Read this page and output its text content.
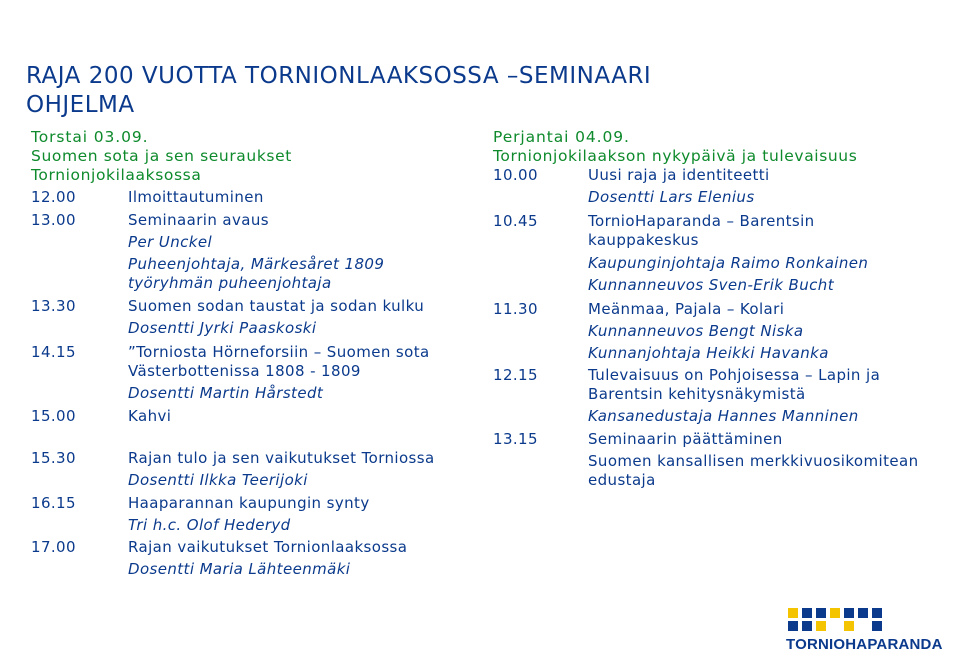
RAJA 200 VUOTTA TORNIONLAAKSOSSA –SEMINAARI
OHJELMA
Torstai 03.09.
Suomen sota ja sen seuraukset
Tornionjokilaaksossa
12.00	Ilmoittautuminen
13.00	Seminaarin avaus
Per Unckel
Puheenjohtaja, Märkesåret 1809
työryhmän puheenjohtaja
13.30	Suomen sodan taustat ja sodan kulku
Dosentti Jyrki Paaskoski
14.15	”Torniosta Hörneforsiin – Suomen sota
Västerbottenissa 1808 - 1809
Dosentti Martin Hårstedt
15.00	Kahvi
15.30	Rajan tulo ja sen vaikutukset Torniossa
Dosentti Ilkka Teerijoki
16.15	Haaparannan kaupungin synty
Tri h.c. Olof Hederyd
17.00	Rajan vaikutukset Tornionlaaksossa
Dosentti Maria Lähteenmäki
Perjantai 04.09.
Tornionjokilaakson nykypäivä ja tulevaisuus
10.00	Uusi raja ja identiteetti
Dosentti Lars Elenius
10.45	TornioHaparanda – Barentsin
kauppakeskus
Kaupunginjohtaja Raimo Ronkainen
Kunnanneuvos Sven-Erik Bucht
11.30	Meänmaa, Pajala – Kolari
Kunnanneuvos Bengt Niska
Kunnanjohtaja Heikki Havanka
12.15	Tulevaisuus on Pohjoisessa – Lapin ja
Barentsin kehitysnäkymistä
Kansanedustaja Hannes Manninen
13.15	Seminaarin päättäminen
Suomen kansallisen merkkivuosikomitean
edustaja
TORNIOHAPARANDA
